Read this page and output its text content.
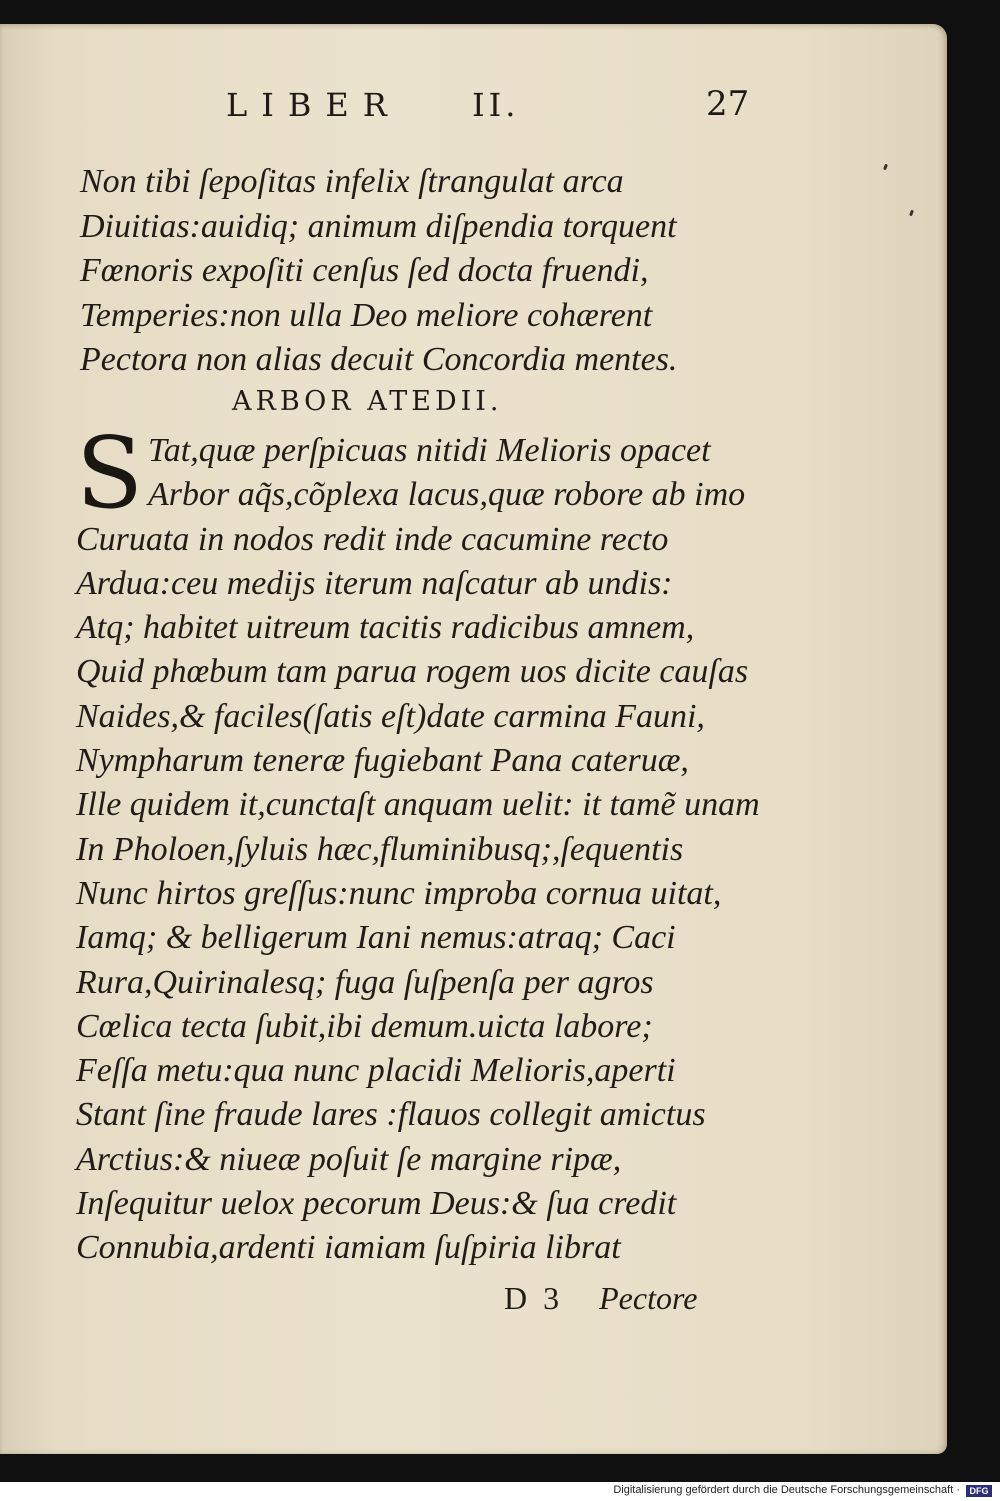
LIBER II.	27
Non tibi ſepoſitas infelix ſtrangulat arca
Diuitias:auidiq; animum diſpendia torquent
Fœnoris expoſiti cenſus ſed docta fruendi,
Temperies:non ulla Deo meliore cohærent
Pectora non alias decuit Concordia mentes.
ARBOR ATEDII.
S Tat,quæ perſpicuas nitidi Melioris opacet
Arbor aq̃s,cõplexa lacus,quæ robore ab imo
Curuata in nodos redit inde cacumine recto
Ardua:ceu medijs iterum naſcatur ab undis:
Atq; habitet uitreum tacitis radicibus amnem,
Quid phœbum tam parua rogem uos dicite cauſas
Naides,& faciles(ſatis eſt)date carmina Fauni,
Nympharum teneræ fugiebant Pana cateruæ,
Ille quidem it,cunctaſt anquam uelit: it tamẽ unam
In Pholoen,ſyluis hæc,fluminibusq;,ſequentis
Nunc hirtos greſſus:nunc improba cornua uitat,
Iamq; & belligerum Iani nemus:atraq; Caci
Rura,Quirinalesq; fuga ſuſpenſa per agros
Cœlica tecta ſubit,ibi demum.uicta labore;
Feſſa metu:qua nunc placidi Melioris,aperti
Stant ſine fraude lares :flauos collegit amictus
Arctius:& niueæ poſuit ſe margine ripæ,
Inſequitur uelox pecorum Deus:& ſua credit
Connubia,ardenti iamiam ſuſpiria librat
D 3 Pectore
Digitalisierung gefördert durch die Deutsche Forschungsgemeinschaft ·	DFG
